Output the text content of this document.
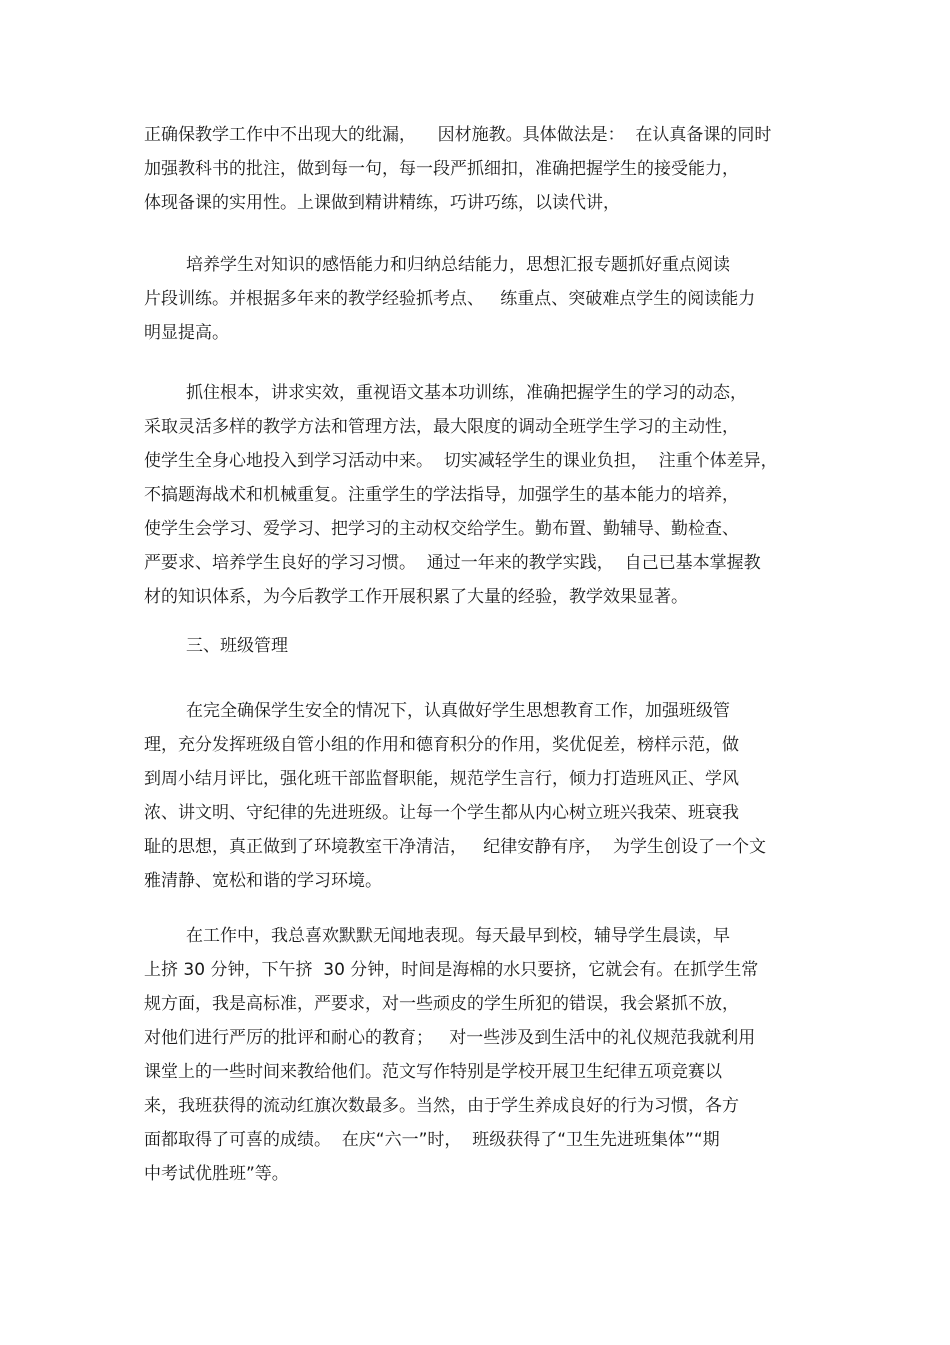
正确保教学工作中不出现大的纰漏，    因材施教。具体做法是：  在认真备课的同时
加强教科书的批注，做到每一句，每一段严抓细扣，准确把握学生的接受能力，
体现备课的实用性。上课做到精讲精练，巧讲巧练，以读代讲，
培养学生对知识的感悟能力和归纳总结能力，思想汇报专题抓好重点阅读
片段训练。并根据多年来的教学经验抓考点、   练重点、突破难点学生的阅读能力
明显提高。
抓住根本，讲求实效，重视语文基本功训练，准确把握学生的学习的动态，
采取灵活多样的教学方法和管理方法，最大限度的调动全班学生学习的主动性，
使学生全身心地投入到学习活动中来。  切实减轻学生的课业负担，  注重个体差异，
不搞题海战术和机械重复。注重学生的学法指导，加强学生的基本能力的培养，
使学生会学习、爱学习、把学习的主动权交给学生。勤布置、勤辅导、勤检查、
严要求、培养学生良好的学习习惯。  通过一年来的教学实践，  自己已基本掌握教
材的知识体系，为今后教学工作开展积累了大量的经验，教学效果显著。
三、班级管理
在完全确保学生安全的情况下，认真做好学生思想教育工作，加强班级管
理，充分发挥班级自管小组的作用和德育积分的作用，奖优促差，榜样示范，做
到周小结月评比，强化班干部监督职能，规范学生言行，倾力打造班风正、学风
浓、讲文明、守纪律的先进班级。让每一个学生都从内心树立班兴我荣、班衰我
耻的思想，真正做到了环境教室干净清洁，   纪律安静有序，  为学生创设了一个文
雅清静、宽松和谐的学习环境。
在工作中，我总喜欢默默无闻地表现。每天最早到校，辅导学生晨读，早
上挤 30 分钟，下午挤  30 分钟，时间是海棉的水只要挤，它就会有。在抓学生常
规方面，我是高标准，严要求，对一些顽皮的学生所犯的错误，我会紧抓不放，
对他们进行严厉的批评和耐心的教育；   对一些涉及到生活中的礼仪规范我就利用
课堂上的一些时间来教给他们。范文写作特别是学校开展卫生纪律五项竞赛以
来，我班获得的流动红旗次数最多。当然，由于学生养成良好的行为习惯，各方
面都取得了可喜的成绩。  在庆“六一”时，  班级获得了“卫生先进班集体”“期
中考试优胜班”等。
